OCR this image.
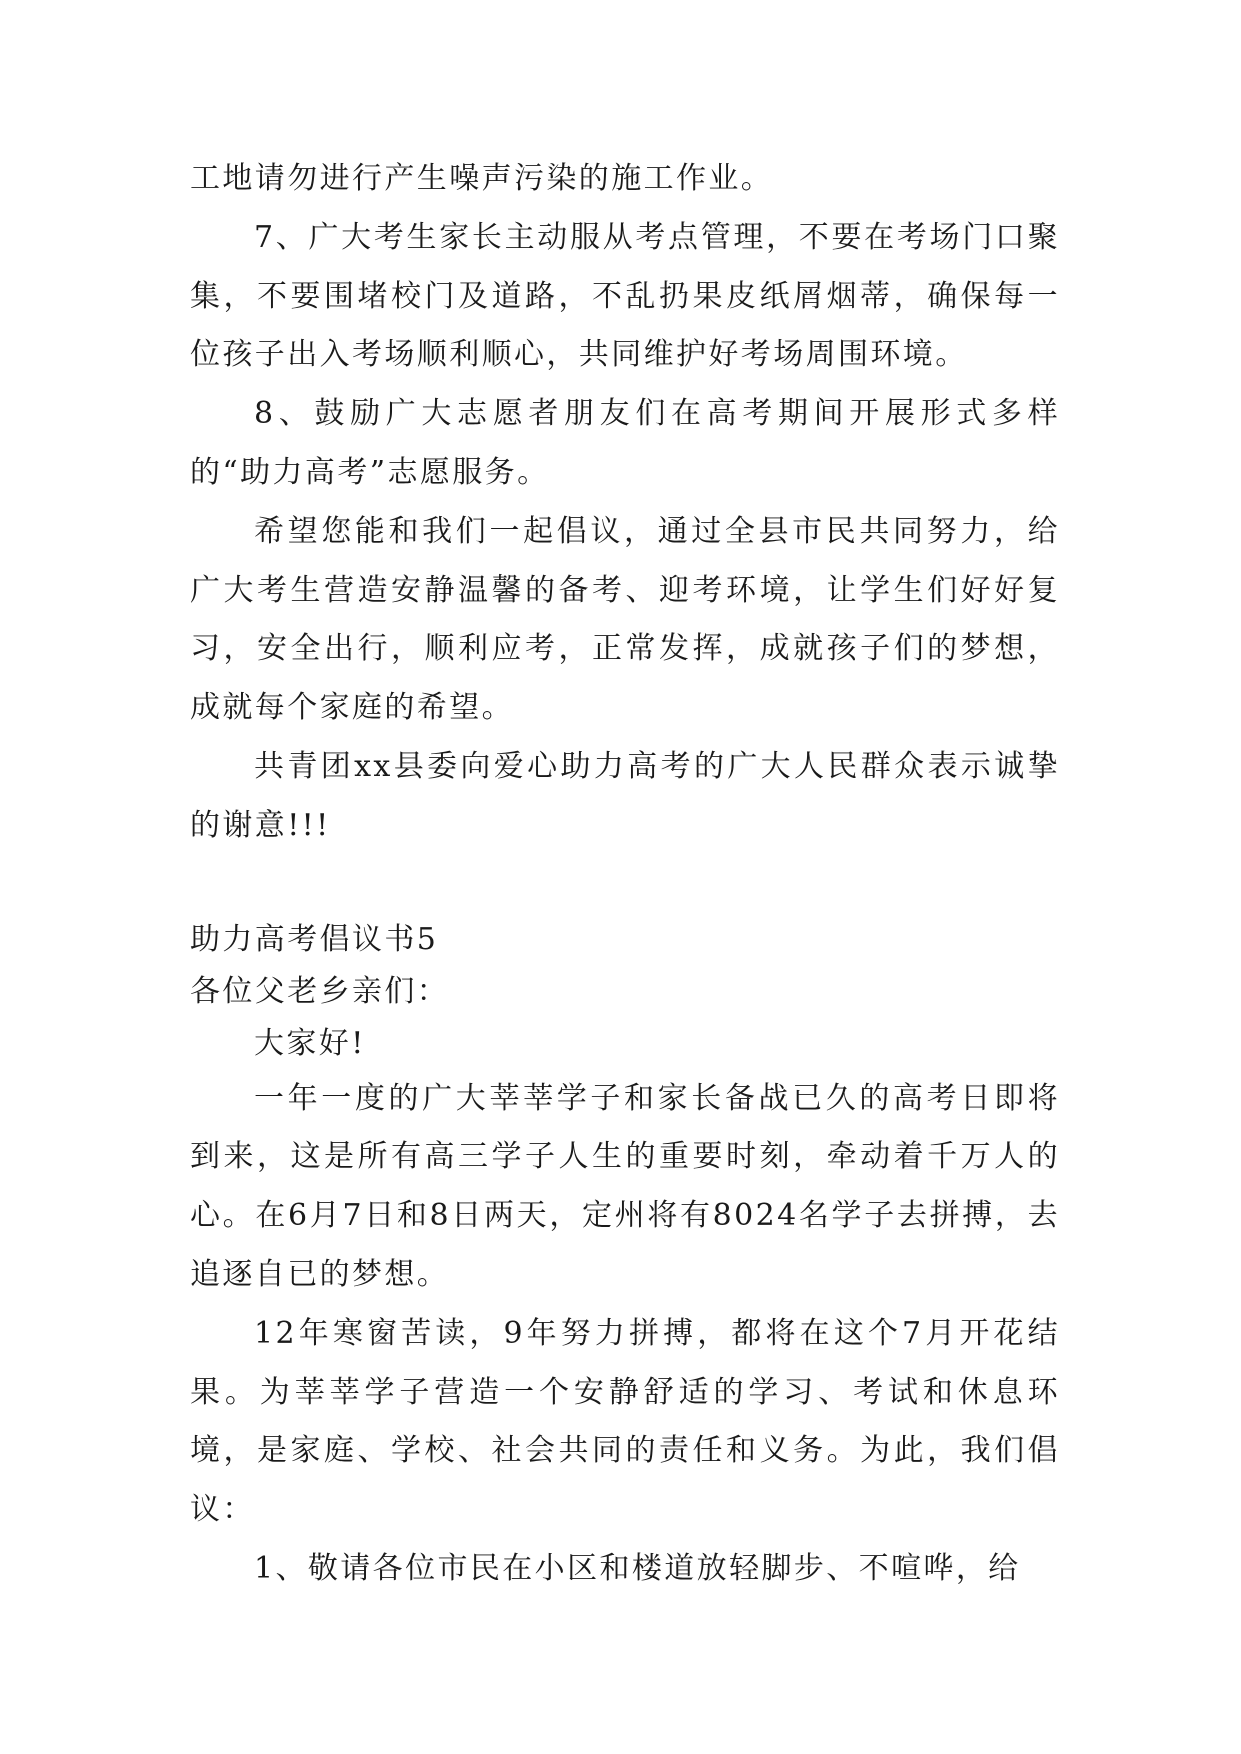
工地请勿进行产生噪声污染的施工作业。

7、广大考生家长主动服从考点管理，不要在考场门口聚集，不要围堵校门及道路，不乱扔果皮纸屑烟蒂，确保每一位孩子出入考场顺利顺心，共同维护好考场周围环境。

8、鼓励广大志愿者朋友们在高考期间开展形式多样的“助力高考”志愿服务。

希望您能和我们一起倡议，通过全县市民共同努力，给广大考生营造安静温馨的备考、迎考环境，让学生们好好复习，安全出行，顺利应考，正常发挥，成就孩子们的梦想，成就每个家庭的希望。

共青团xx县委向爱心助力高考的广大人民群众表示诚挚的谢意!!!

助力高考倡议书5

各位父老乡亲们：

大家好!

一年一度的广大莘莘学子和家长备战已久的高考日即将到来，这是所有高三学子人生的重要时刻，牵动着千万人的心。在6月7日和8日两天，定州将有8024名学子去拼搏，去追逐自已的梦想。

12年寒窗苦读，9年努力拼搏，都将在这个7月开花结果。为莘莘学子营造一个安静舒适的学习、考试和休息环境，是家庭、学校、社会共同的责任和义务。为此，我们倡议：

1、敬请各位市民在小区和楼道放轻脚步、不喧哗，给
